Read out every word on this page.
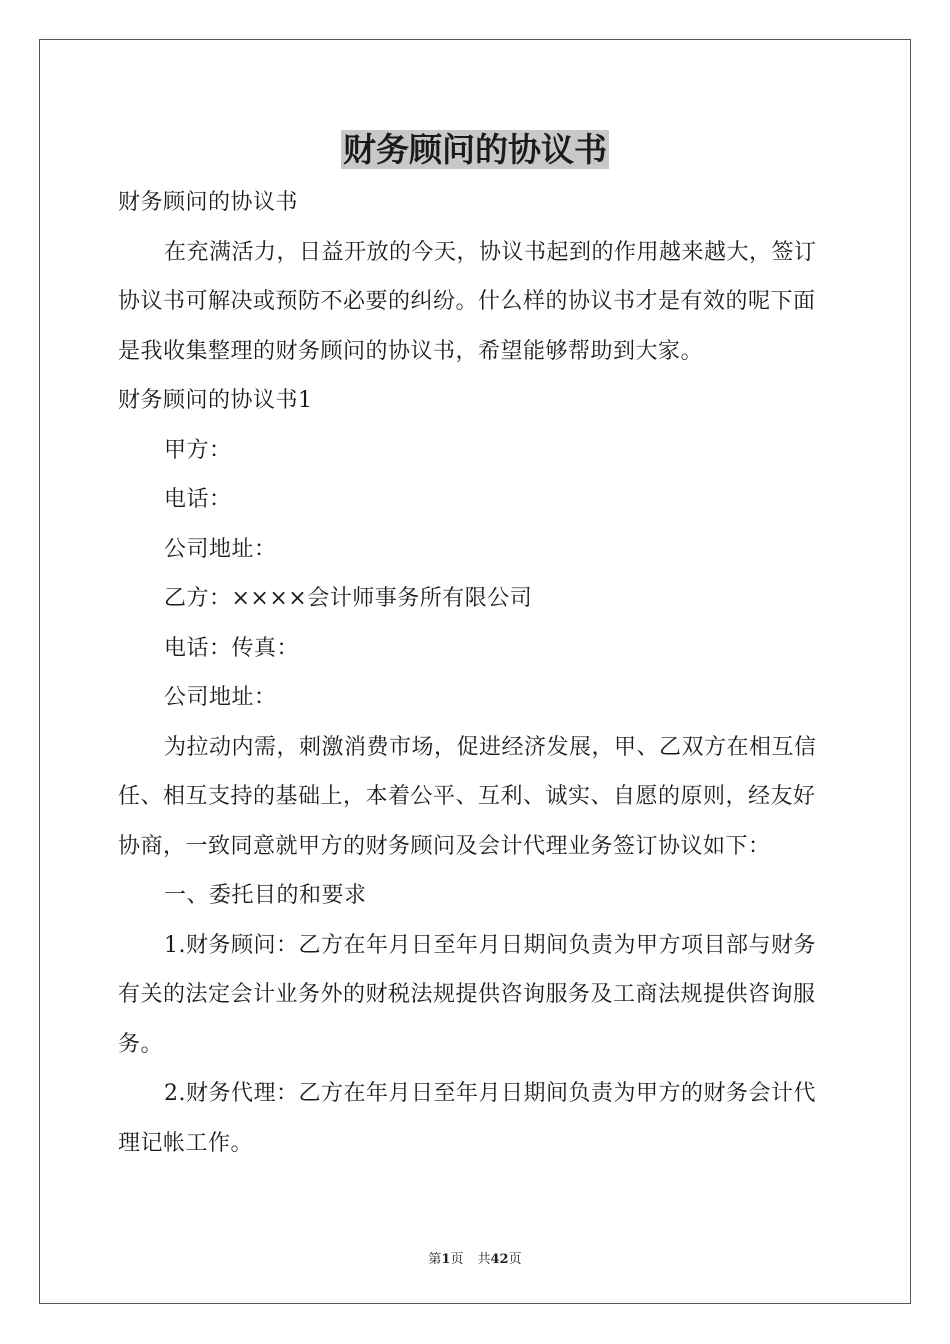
财务顾问的协议书

财务顾问的协议书

在充满活力，日益开放的今天，协议书起到的作用越来越大，签订协议书可解决或预防不必要的纠纷。什么样的协议书才是有效的呢下面是我收集整理的财务顾问的协议书，希望能够帮助到大家。

财务顾问的协议书1

甲方：

电话：

公司地址：

乙方：××××会计师事务所有限公司

电话：传真：

公司地址：

为拉动内需，刺激消费市场，促进经济发展，甲、乙双方在相互信任、相互支持的基础上，本着公平、互利、诚实、自愿的原则，经友好协商，一致同意就甲方的财务顾问及会计代理业务签订协议如下：

一、委托目的和要求

1.财务顾问：乙方在年月日至年月日期间负责为甲方项目部与财务有关的法定会计业务外的财税法规提供咨询服务及工商法规提供咨询服务。

2.财务代理：乙方在年月日至年月日期间负责为甲方的财务会计代理记帐工作。

第1页 共42页
